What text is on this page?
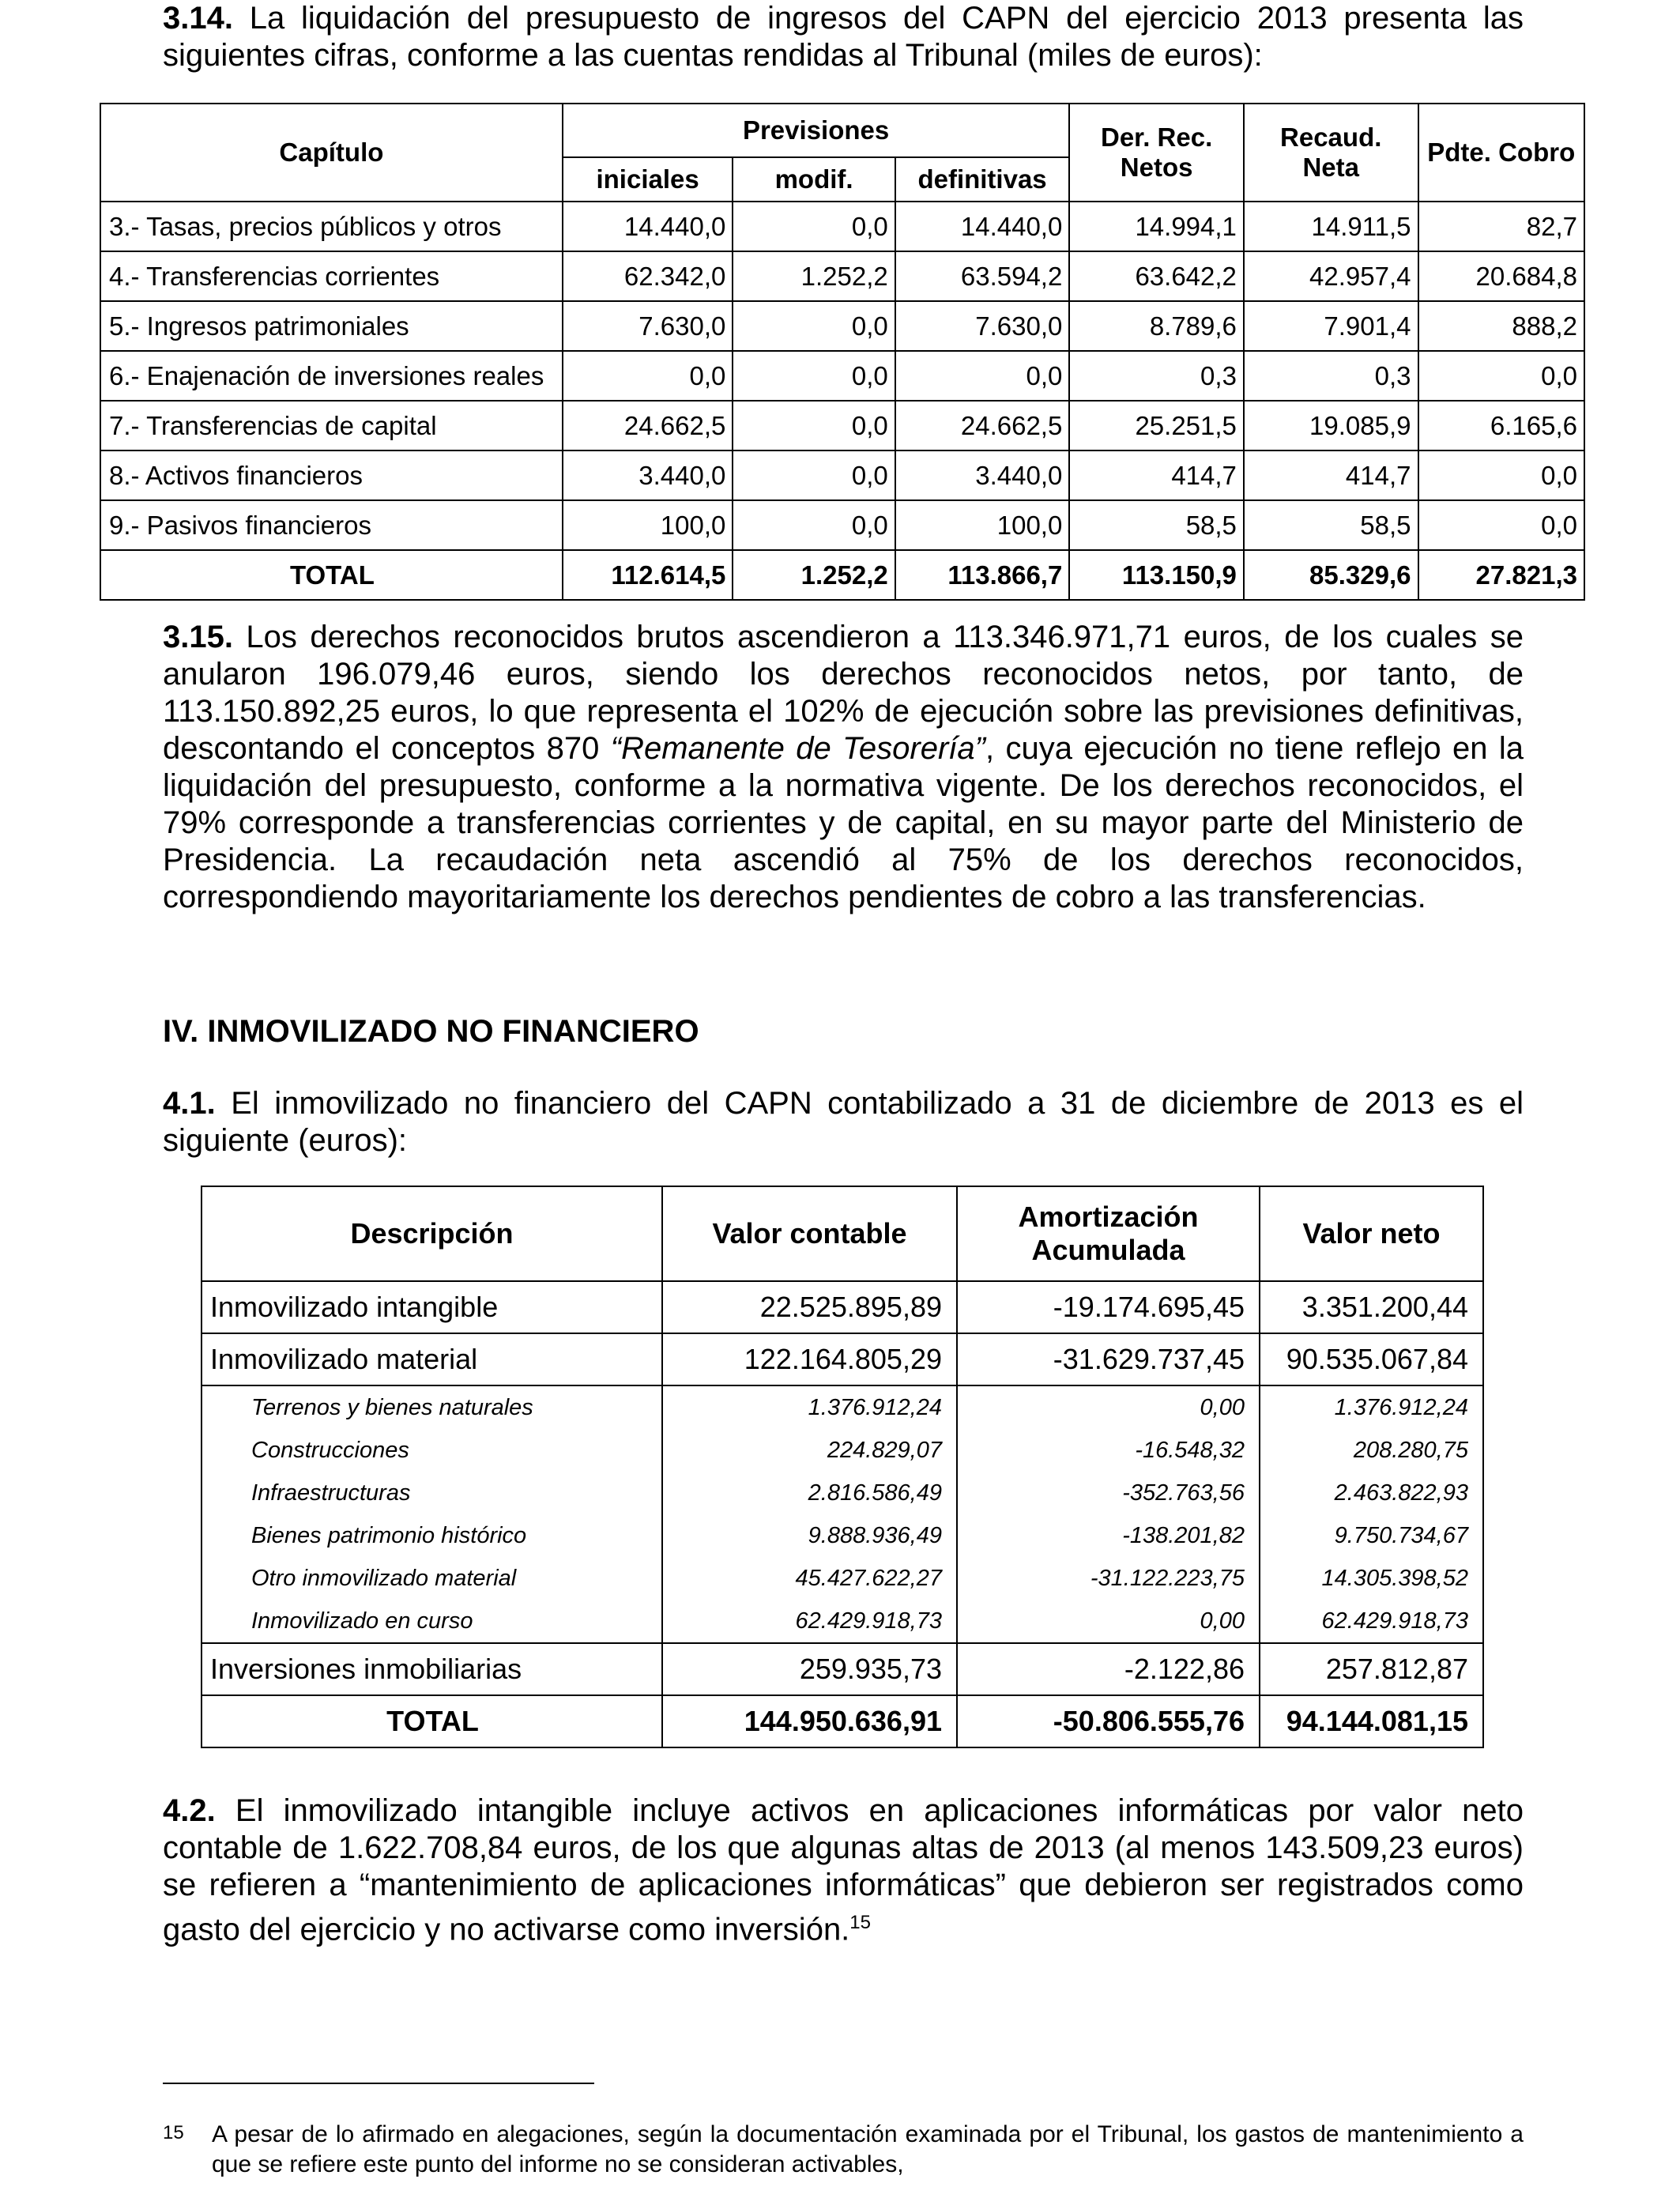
3.14. La liquidación del presupuesto de ingresos del CAPN del ejercicio 2013 presenta las siguientes cifras, conforme a las cuentas rendidas al Tribunal (miles de euros):

Capítulo	Previsiones			Der. Rec. Netos	Recaud. Neta	Pdte. Cobro
	iniciales	modif.	definitivas			
3.- Tasas, precios públicos y otros	14.440,0	0,0	14.440,0	14.994,1	14.911,5	82,7
4.- Transferencias corrientes	62.342,0	1.252,2	63.594,2	63.642,2	42.957,4	20.684,8
5.- Ingresos patrimoniales	7.630,0	0,0	7.630,0	8.789,6	7.901,4	888,2
6.- Enajenación de inversiones reales	0,0	0,0	0,0	0,3	0,3	0,0
7.- Transferencias de capital	24.662,5	0,0	24.662,5	25.251,5	19.085,9	6.165,6
8.- Activos financieros	3.440,0	0,0	3.440,0	414,7	414,7	0,0
9.- Pasivos financieros	100,0	0,0	100,0	58,5	58,5	0,0
TOTAL	112.614,5	1.252,2	113.866,7	113.150,9	85.329,6	27.821,3

3.15. Los derechos reconocidos brutos ascendieron a 113.346.971,71 euros, de los cuales se anularon 196.079,46 euros, siendo los derechos reconocidos netos, por tanto, de 113.150.892,25 euros, lo que representa el 102% de ejecución sobre las previsiones definitivas, descontando el conceptos 870 “Remanente de Tesorería”, cuya ejecución no tiene reflejo en la liquidación del presupuesto, conforme a la normativa vigente. De los derechos reconocidos, el 79% corresponde a transferencias corrientes y de capital, en su mayor parte del Ministerio de Presidencia. La recaudación neta ascendió al 75% de los derechos reconocidos, correspondiendo mayoritariamente los derechos pendientes de cobro a las transferencias.

IV. INMOVILIZADO NO FINANCIERO

4.1. El inmovilizado no financiero del CAPN contabilizado a 31 de diciembre de 2013 es el siguiente (euros):

Descripción	Valor contable	Amortización Acumulada	Valor neto
Inmovilizado intangible	22.525.895,89	-19.174.695,45	3.351.200,44
Inmovilizado material	122.164.805,29	-31.629.737,45	90.535.067,84
Terrenos y bienes naturales	1.376.912,24	0,00	1.376.912,24
Construcciones	224.829,07	-16.548,32	208.280,75
Infraestructuras	2.816.586,49	-352.763,56	2.463.822,93
Bienes patrimonio histórico	9.888.936,49	-138.201,82	9.750.734,67
Otro inmovilizado material	45.427.622,27	-31.122.223,75	14.305.398,52
Inmovilizado en curso	62.429.918,73	0,00	62.429.918,73
Inversiones inmobiliarias	259.935,73	-2.122,86	257.812,87
TOTAL	144.950.636,91	-50.806.555,76	94.144.081,15

4.2. El inmovilizado intangible incluye activos en aplicaciones informáticas por valor neto contable de 1.622.708,84 euros, de los que algunas altas de 2013 (al menos 143.509,23 euros) se refieren a “mantenimiento de aplicaciones informáticas” que debieron ser registrados como gasto del ejercicio y no activarse como inversión.$^{15}$

15 A pesar de lo afirmado en alegaciones, según la documentación examinada por el Tribunal, los gastos de mantenimiento a que se refiere este punto del informe no se consideran activables,
